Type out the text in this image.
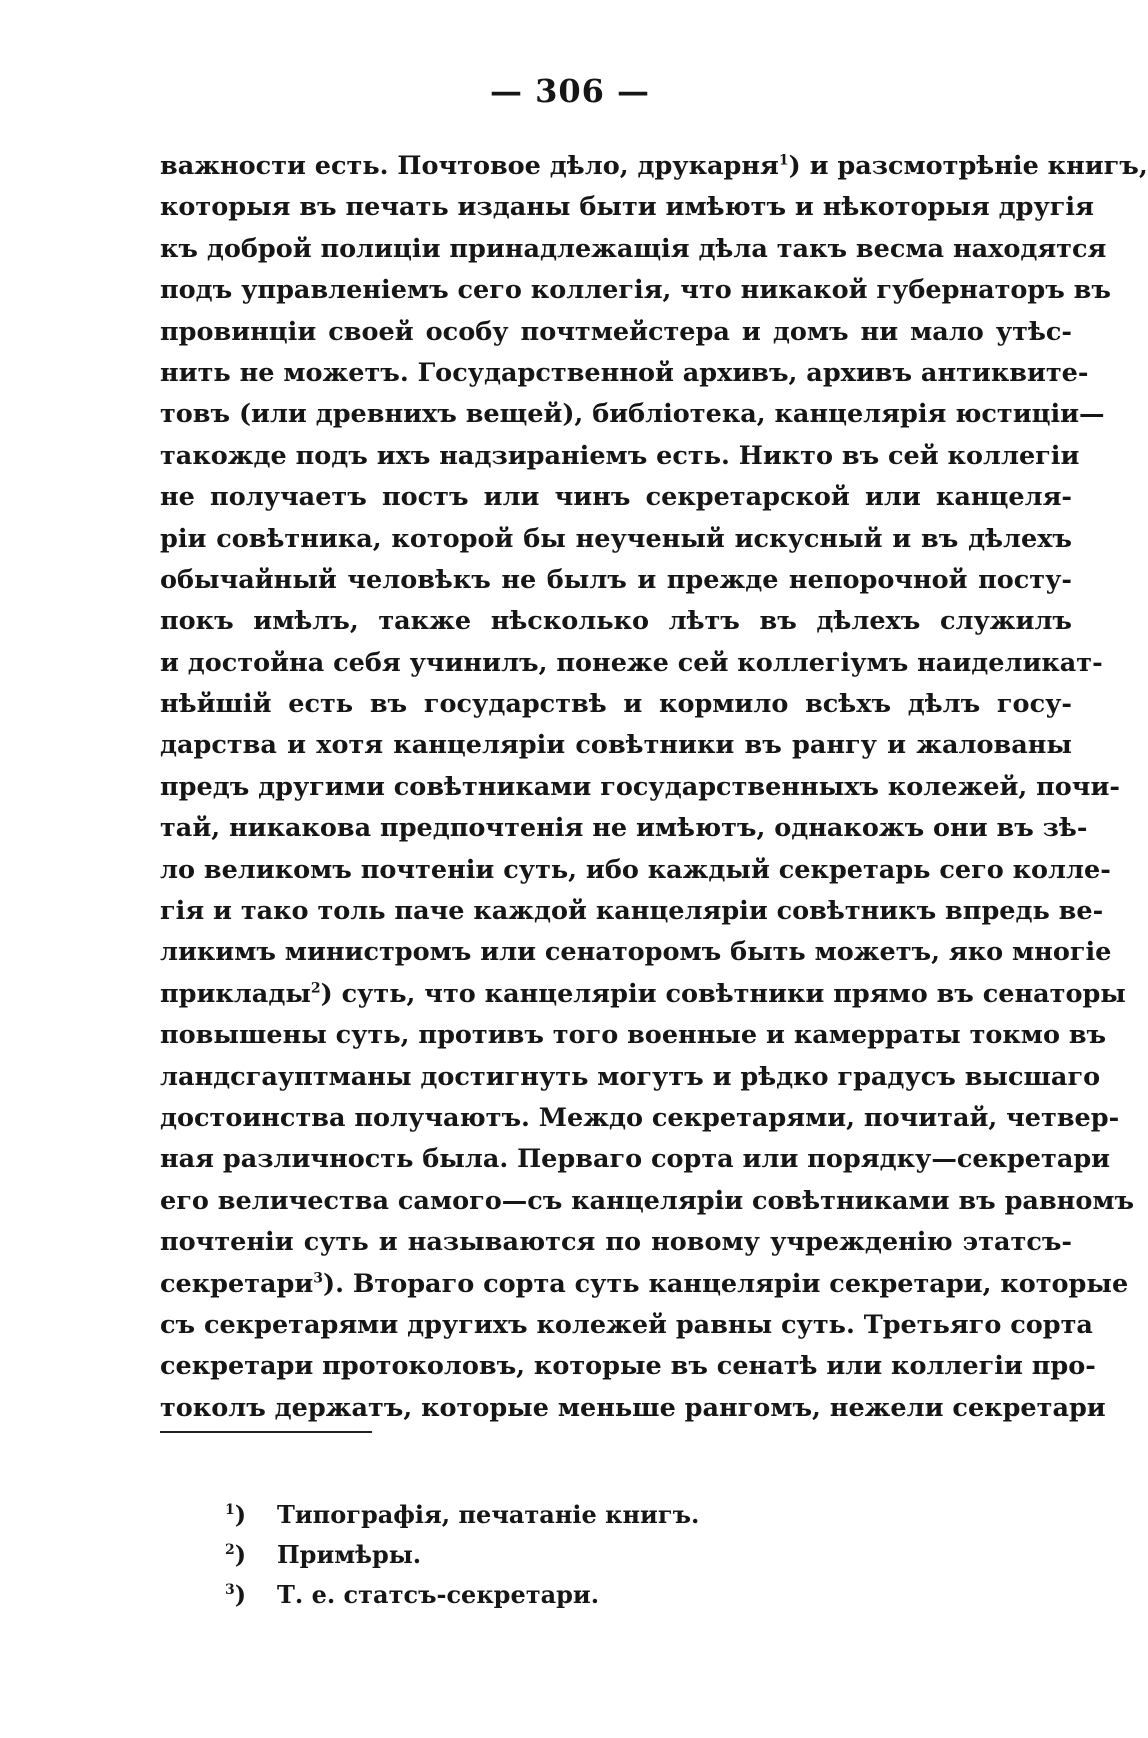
— 306 —
важности есть. Почтовое дѣло, друкарня$^1$) и разсмотрѣніе книгъ,
которыя въ печать изданы быти имѣютъ и нѣкоторыя другія
къ доброй полиціи принадлежащія дѣла такъ весма находятся
подъ управленіемъ сего коллегія, что никакой губернаторъ въ
провинціи своей особу почтмейстера и домъ ни мало утѣс-
нить не можетъ. Государственной архивъ, архивъ антиквите-
товъ (или древнихъ вещей), библіотека, канцелярія юстиціи—
такожде подъ ихъ надзираніемъ есть. Никто въ сей коллегіи
не получаетъ постъ или чинъ секретарской или канцеля-
ріи совѣтника, которой бы неученый искусный и въ дѣлехъ
обычайный человѣкъ не былъ и прежде непорочной посту-
покъ имѣлъ, также нѣсколько лѣтъ въ дѣлехъ служилъ
и достойна себя учинилъ, понеже сей коллегіумъ наиделикат-
нѣйшій есть въ государствѣ и кормило всѣхъ дѣлъ госу-
дарства и хотя канцеляріи совѣтники въ рангу и жалованы
предъ другими совѣтниками государственныхъ колежей, почи-
тай, никакова предпочтенія не имѣютъ, однакожъ они въ зѣ-
ло великомъ почтеніи суть, ибо каждый секретарь сего колле-
гія и тако толь паче каждой канцеляріи совѣтникъ впредь ве-
ликимъ министромъ или сенаторомъ быть можетъ, яко многіе
приклады$^2$) суть, что канцеляріи совѣтники прямо въ сенаторы
повышены суть, противъ того военные и камерраты токмо въ
ландсгауптманы достигнуть могутъ и рѣдко градусъ высшаго
достоинства получаютъ. Междо секретарями, почитай, четвер-
ная различность была. Перваго сорта или порядку—секретари
его величества самого—съ канцеляріи совѣтниками въ равномъ
почтеніи суть и называются по новому учрежденію этатсъ-
секретари$^3$). Втораго сорта суть канцеляріи секретари, которые
съ секретарями другихъ колежей равны суть. Третьяго сорта
секретари протоколовъ, которые въ сенатѣ или коллегіи про-
токолъ держатъ, которые меньше рангомъ, нежели секретари
$^1$) Типографія, печатаніе книгъ.
$^2$) Примѣры.
$^3$) Т. е. статсъ-секретари.
